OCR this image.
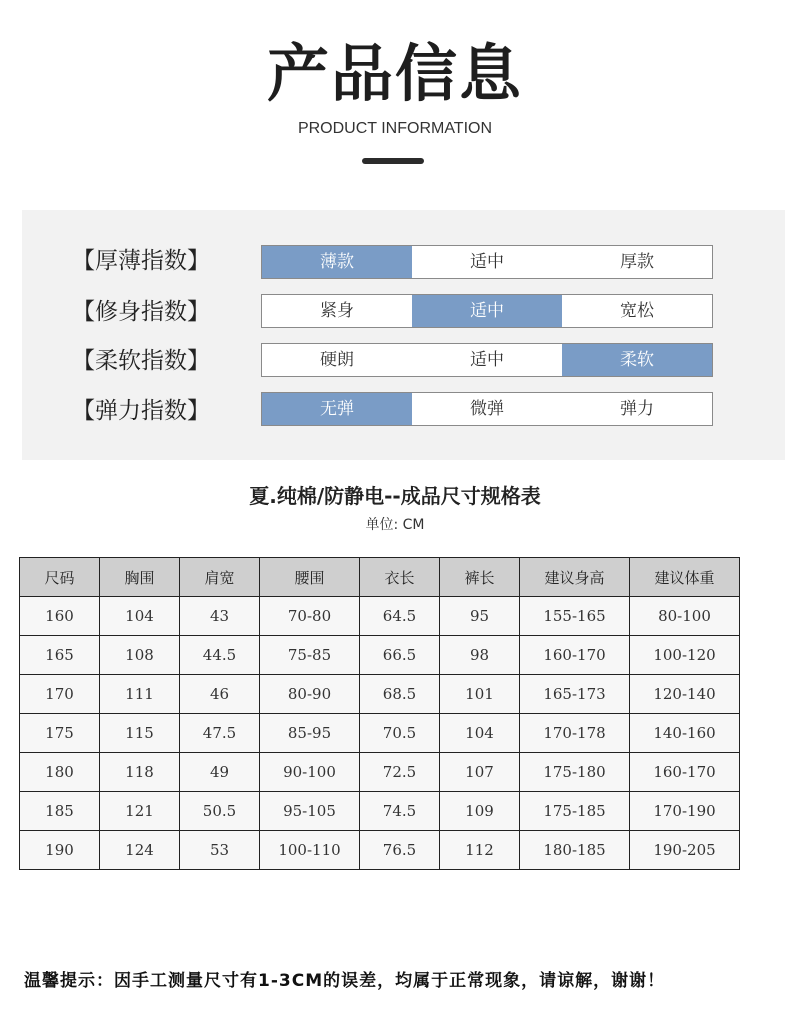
产品信息
PRODUCT INFORMATION
【厚薄指数】	薄款	适中	厚款
【修身指数】	紧身	适中	宽松
【柔软指数】	硬朗	适中	柔软
【弹力指数】	无弹	微弹	弹力
夏.纯棉/防静电--成品尺寸规格表
单位: CM
尺码	胸围	肩宽	腰围	衣长	裤长	建议身高	建议体重
160	104	43	70-80	64.5	95	155-165	80-100
165	108	44.5	75-85	66.5	98	160-170	100-120
170	111	46	80-90	68.5	101	165-173	120-140
175	115	47.5	85-95	70.5	104	170-178	140-160
180	118	49	90-100	72.5	107	175-180	160-170
185	121	50.5	95-105	74.5	109	175-185	170-190
190	124	53	100-110	76.5	112	180-185	190-205
温馨提示：因手工测量尺寸有1-3CM的误差，均属于正常现象，请谅解，谢谢！
